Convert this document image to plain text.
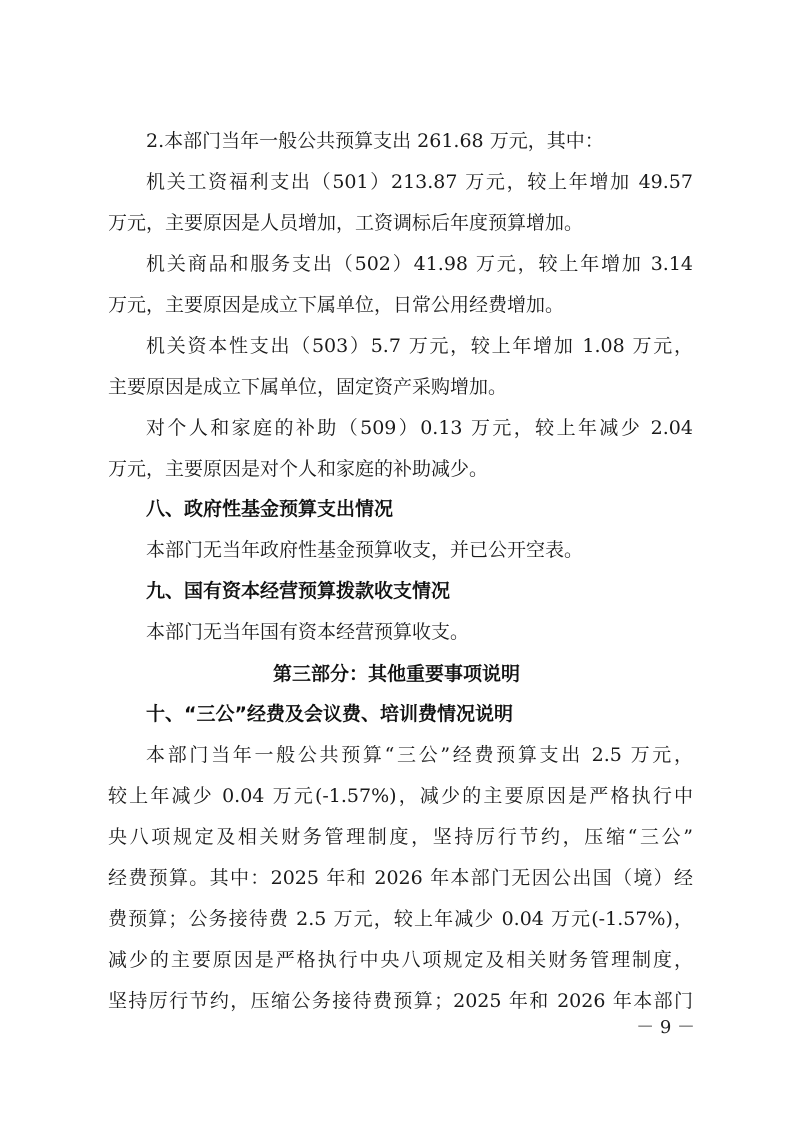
2.本部门当年一般公共预算支出 261.68 万元，其中：
机关工资福利支出（501）213.87 万元，较上年增加 49.57
万元，主要原因是人员增加，工资调标后年度预算增加。
机关商品和服务支出（502）41.98 万元，较上年增加 3.14
万元，主要原因是成立下属单位，日常公用经费增加。
机关资本性支出（503）5.7 万元，较上年增加 1.08 万元，
主要原因是成立下属单位，固定资产采购增加。
对个人和家庭的补助（509）0.13 万元，较上年减少 2.04
万元，主要原因是对个人和家庭的补助减少。
八、政府性基金预算支出情况
本部门无当年政府性基金预算收支，并已公开空表。
九、国有资本经营预算拨款收支情况
本部门无当年国有资本经营预算收支。
第三部分：其他重要事项说明
十、“三公”经费及会议费、培训费情况说明
本部门当年一般公共预算“三公”经费预算支出 2.5 万元，
较上年减少 0.04 万元(-1.57%)，减少的主要原因是严格执行中
央八项规定及相关财务管理制度，坚持厉行节约，压缩“三公”
经费预算。其中：2025 年和 2026 年本部门无因公出国（境）经
费预算；公务接待费 2.5 万元，较上年减少 0.04 万元(-1.57%)，
减少的主要原因是严格执行中央八项规定及相关财务管理制度，
坚持厉行节约，压缩公务接待费预算；2025 年和 2026 年本部门
－ 9 －
